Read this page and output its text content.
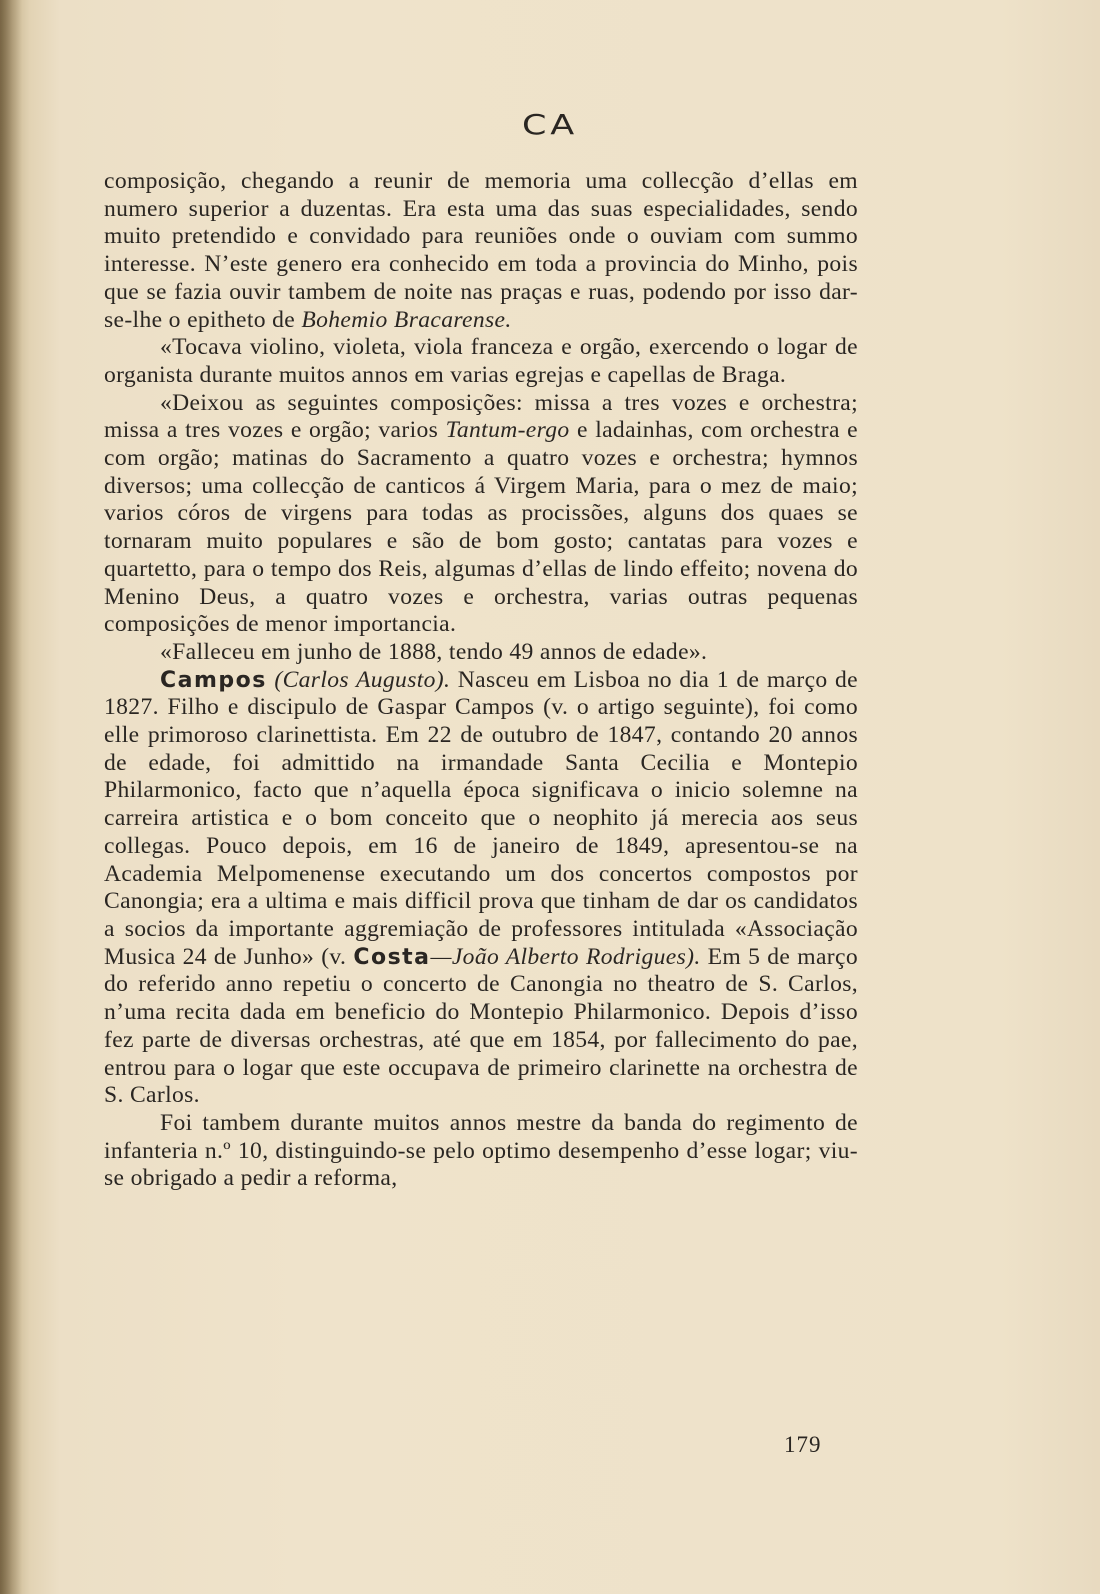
CA

composição, chegando a reunir de memoria uma collecção d’ellas em numero superior a duzentas. Era esta uma das suas especialidades, sendo muito pretendido e convidado para reuniões onde o ouviam com summo interesse. N’este genero era conhecido em toda a provincia do Minho, pois que se fazia ouvir tambem de noite nas praças e ruas, podendo por isso dar-se-lhe o epitheto de Bohemio Bracarense.

«Tocava violino, violeta, viola franceza e orgão, exercendo o logar de organista durante muitos annos em varias egrejas e capellas de Braga.

«Deixou as seguintes composições: missa a tres vozes e orchestra; missa a tres vozes e orgão; varios Tantum-ergo e ladainhas, com orchestra e com orgão; matinas do Sacramento a quatro vozes e orchestra; hymnos diversos; uma collecção de canticos á Virgem Maria, para o mez de maio; varios córos de virgens para todas as procissões, alguns dos quaes se tornaram muito populares e são de bom gosto; cantatas para vozes e quartetto, para o tempo dos Reis, algumas d’ellas de lindo effeito; novena do Menino Deus, a quatro vozes e orchestra, varias outras pequenas composições de menor importancia.

«Falleceu em junho de 1888, tendo 49 annos de edade».

Campos (Carlos Augusto). Nasceu em Lisboa no dia 1 de março de 1827. Filho e discipulo de Gaspar Campos (v. o artigo seguinte), foi como elle primoroso clarinettista. Em 22 de outubro de 1847, contando 20 annos de edade, foi admittido na irmandade Santa Cecilia e Montepio Philarmonico, facto que n’aquella época significava o inicio solemne na carreira artistica e o bom conceito que o neophito já merecia aos seus collegas. Pouco depois, em 16 de janeiro de 1849, apresentou-se na Academia Melpomenense executando um dos concertos compostos por Canongia; era a ultima e mais difficil prova que tinham de dar os candidatos a socios da importante aggremiação de professores intitulada «Associação Musica 24 de Junho» (v. Costa—João Alberto Rodrigues). Em 5 de março do referido anno repetiu o concerto de Canongia no theatro de S. Carlos, n’uma recita dada em beneficio do Montepio Philarmonico. Depois d’isso fez parte de diversas orchestras, até que em 1854, por fallecimento do pae, entrou para o logar que este occupava de primeiro clarinette na orchestra de S. Carlos.

Foi tambem durante muitos annos mestre da banda do regimento de infanteria n.º 10, distinguindo-se pelo optimo desempenho d’esse logar; viu-se obrigado a pedir a reforma,

179
